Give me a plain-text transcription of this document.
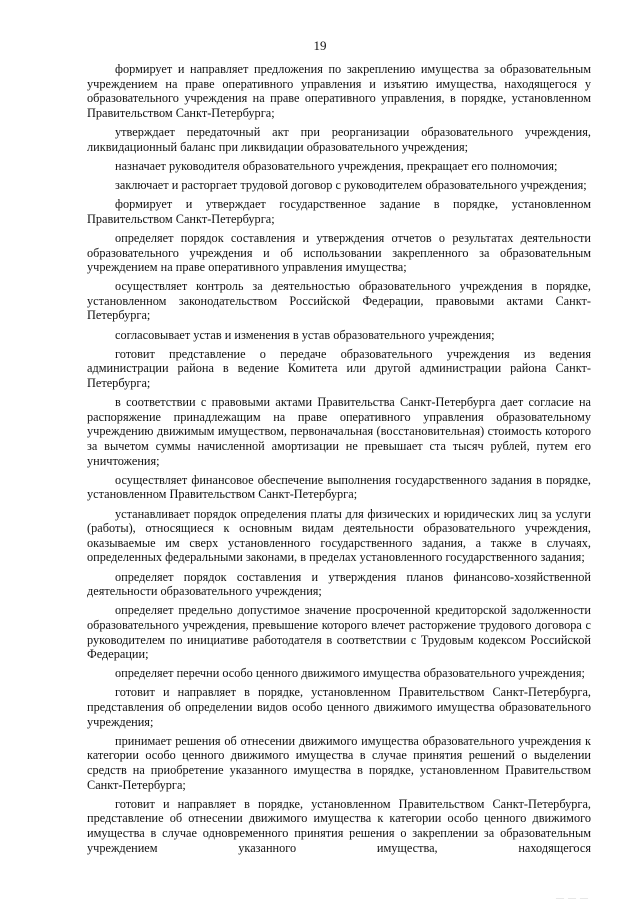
19

формирует и направляет предложения по закреплению имущества за образовательным учреждением на праве оперативного управления и изъятию имущества, находящегося у образовательного учреждения на праве оперативного управления, в порядке, установленном Правительством Санкт-Петербурга;

утверждает передаточный акт при реорганизации образовательного учреждения, ликвидационный баланс при ликвидации образовательного учреждения;

назначает руководителя образовательного учреждения, прекращает его полномочия;

заключает и расторгает трудовой договор с руководителем образовательного учреждения;

формирует и утверждает государственное задание в порядке, установленном Правительством Санкт-Петербурга;

определяет порядок составления и утверждения отчетов о результатах деятельности образовательного учреждения и об использовании закрепленного за образовательным учреждением на праве оперативного управления имущества;

осуществляет контроль за деятельностью образовательного учреждения в порядке, установленном законодательством Российской Федерации, правовыми актами Санкт-Петербурга;

согласовывает устав и изменения в устав образовательного учреждения;

готовит представление о передаче образовательного учреждения из ведения администрации района в ведение Комитета или другой администрации района Санкт-Петербурга;

в соответствии с правовыми актами Правительства Санкт-Петербурга дает согласие на распоряжение принадлежащим на праве оперативного управления образовательному учреждению движимым имуществом, первоначальная (восстановительная) стоимость которого за вычетом суммы начисленной амортизации не превышает ста тысяч рублей, путем его уничтожения;

осуществляет финансовое обеспечение выполнения государственного задания в порядке, установленном Правительством Санкт-Петербурга;

устанавливает порядок определения платы для физических и юридических лиц за услуги (работы), относящиеся к основным видам деятельности образовательного учреждения, оказываемые им сверх установленного государственного задания, а также в случаях, определенных федеральными законами, в пределах установленного государственного задания;

определяет порядок составления и утверждения планов финансово-хозяйственной деятельности образовательного учреждения;

определяет предельно допустимое значение просроченной кредиторской задолженности образовательного учреждения, превышение которого влечет расторжение трудового договора с руководителем по инициативе работодателя в соответствии с Трудовым кодексом Российской Федерации;

определяет перечни особо ценного движимого имущества образовательного учреждения;

готовит и направляет в порядке, установленном Правительством Санкт-Петербурга, представления об определении видов особо ценного движимого имущества образовательного учреждения;

принимает решения об отнесении движимого имущества образовательного учреждения к категории особо ценного движимого имущества в случае принятия решений о выделении средств на приобретение указанного имущества в порядке, установленном Правительством Санкт-Петербурга;

готовит и направляет в порядке, установленном Правительством Санкт-Петербурга, представление об отнесении движимого имущества к категории особо ценного движимого имущества в случае одновременного принятия решения о закреплении за образовательным учреждением указанного имущества, находящегося

— — —
